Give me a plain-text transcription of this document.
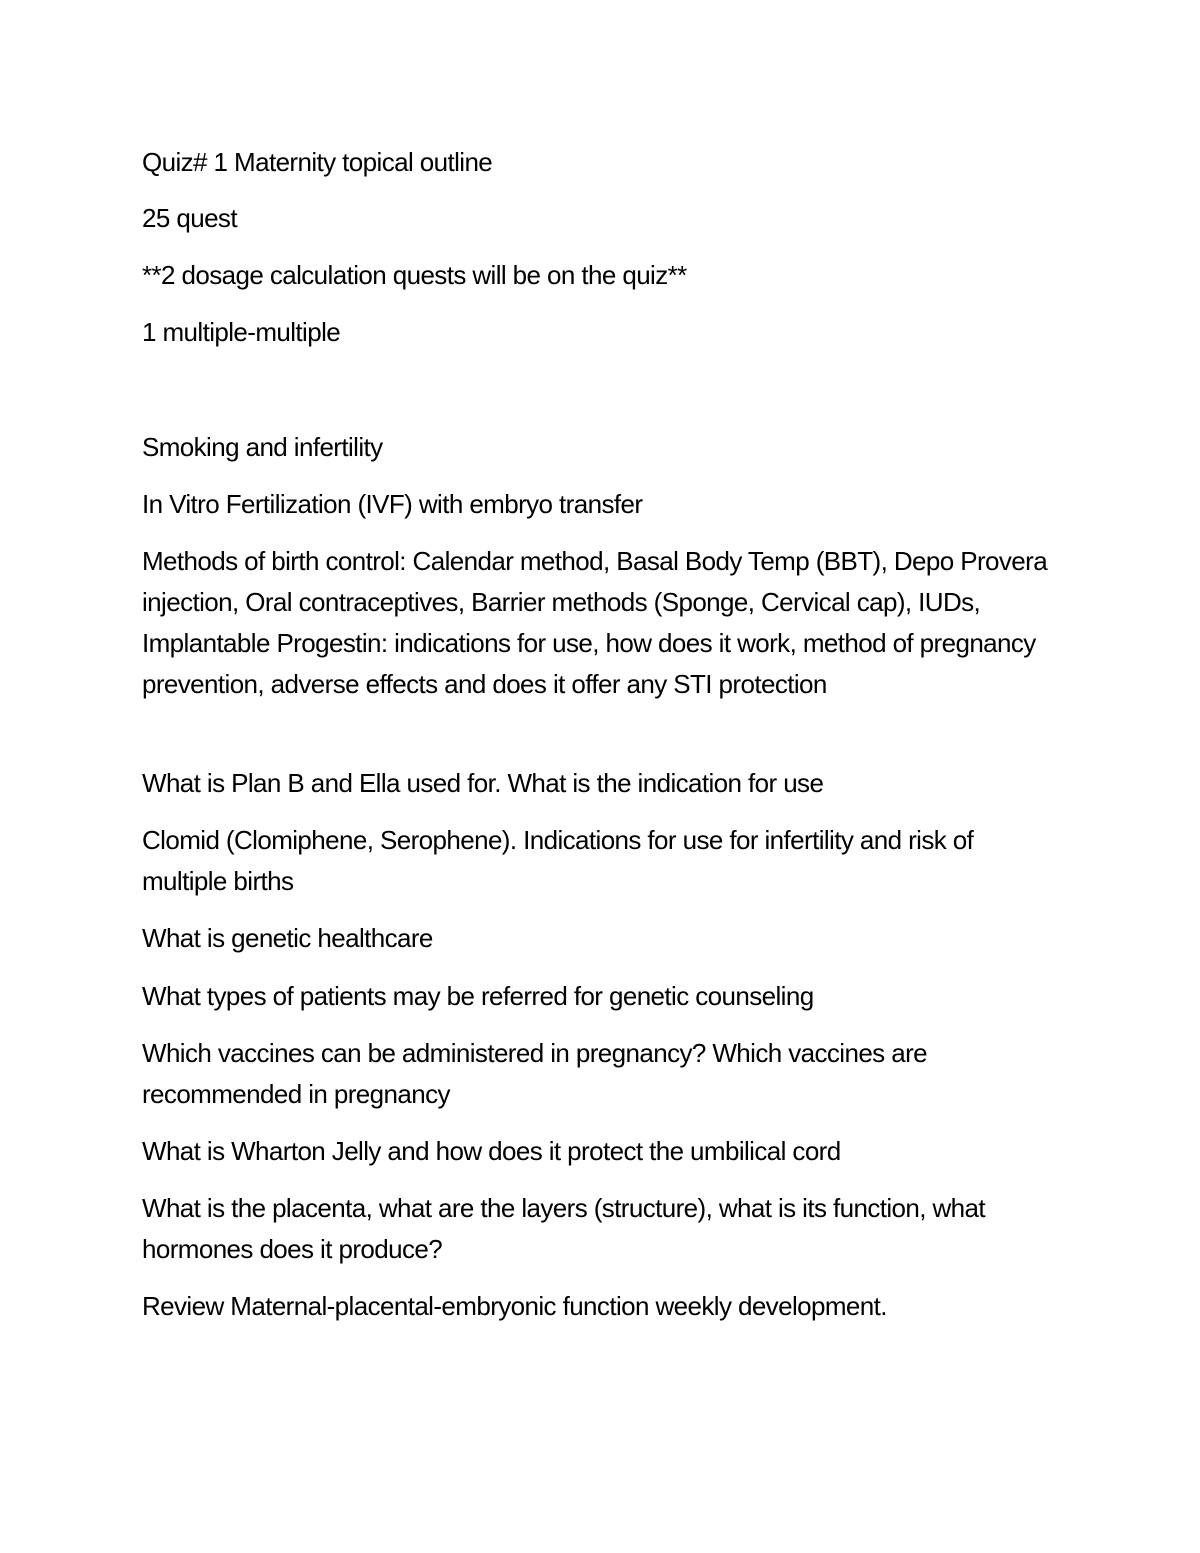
Quiz# 1 Maternity topical outline

25 quest

**2 dosage calculation quests will be on the quiz**

1 multiple-multiple

Smoking and infertility

In Vitro Fertilization (IVF) with embryo transfer

Methods of birth control: Calendar method, Basal Body Temp (BBT), Depo Provera injection, Oral contraceptives, Barrier methods (Sponge, Cervical cap), IUDs, Implantable Progestin: indications for use, how does it work, method of pregnancy prevention, adverse effects and does it offer any STI protection

What is Plan B and Ella used for. What is the indication for use

Clomid (Clomiphene, Serophene). Indications for use for infertility and risk of multiple births

What is genetic healthcare

What types of patients may be referred for genetic counseling

Which vaccines can be administered in pregnancy? Which vaccines are recommended in pregnancy

What is Wharton Jelly and how does it protect the umbilical cord

What is the placenta, what are the layers (structure), what is its function, what hormones does it produce?

Review Maternal-placental-embryonic function weekly development.
